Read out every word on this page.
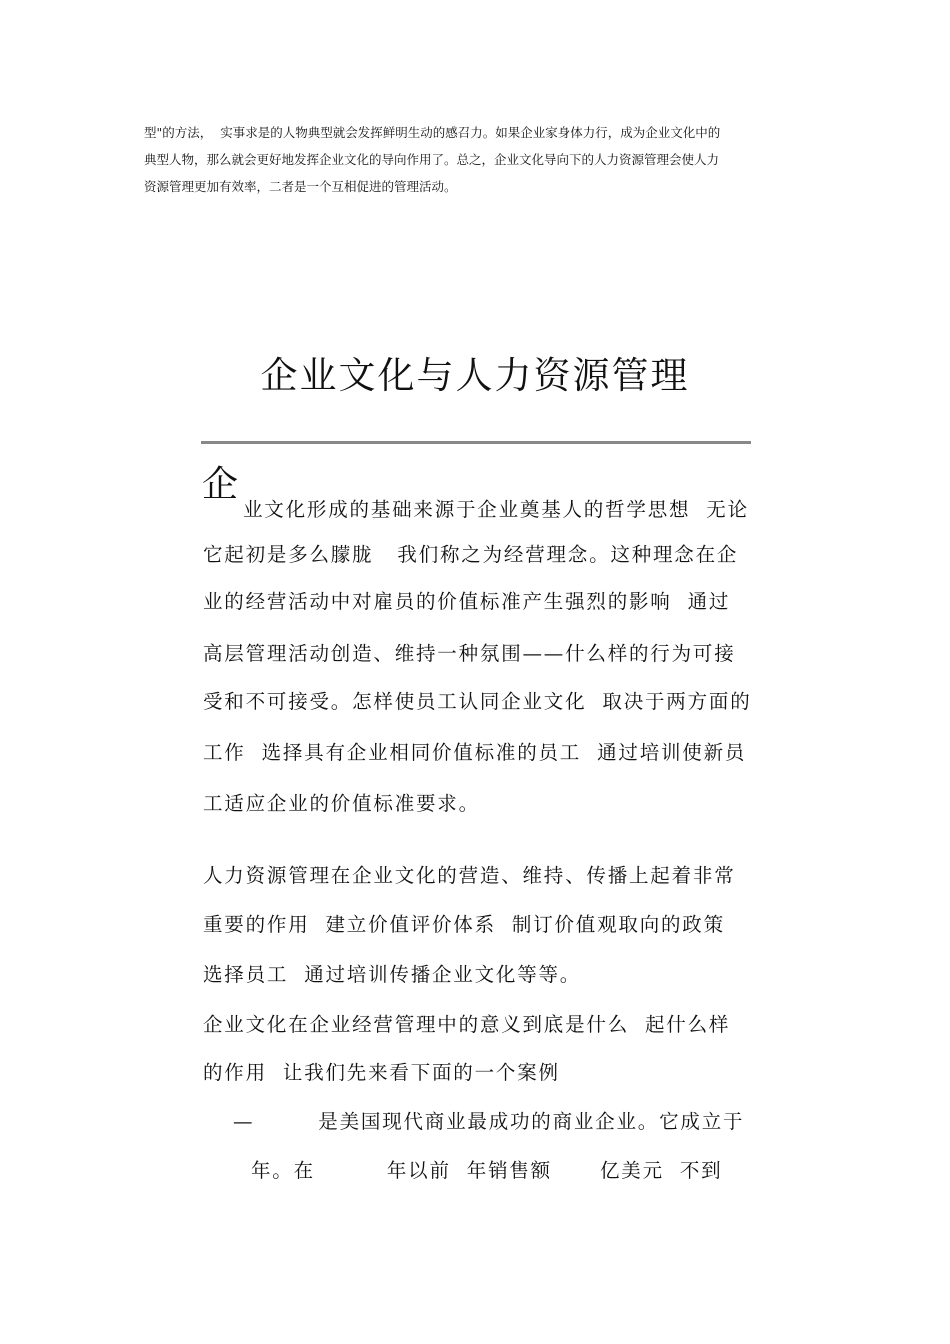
型"的方法，  实事求是的人物典型就会发挥鲜明生动的感召力。如果企业家身体力行，成为企业文化中的
典型人物，那么就会更好地发挥企业文化的导向作用了。总之，企业文化导向下的人力资源管理会使人力
资源管理更加有效率，二者是一个互相促进的管理活动。
企业文化与人力资源管理
企
业文化形成的基础来源于企业奠基人的哲学思想  无论
它起初是多么朦胧   我们称之为经营理念。这种理念在企
业的经营活动中对雇员的价值标准产生强烈的影响  通过
高层管理活动创造、维持一种氛围——什么样的行为可接
受和不可接受。怎样使员工认同企业文化  取决于两方面的
工作  选择具有企业相同价值标准的员工  通过培训使新员
工适应企业的价值标准要求。
人力资源管理在企业文化的营造、维持、传播上起着非常
重要的作用  建立价值评价体系  制订价值观取向的政策
选择员工  通过培训传播企业文化等等。
企业文化在企业经营管理中的意义到底是什么  起什么样
的作用  让我们先来看下面的一个案例
—        是美国现代商业最成功的商业企业。它成立于
年。在         年以前  年销售额      亿美元  不到
